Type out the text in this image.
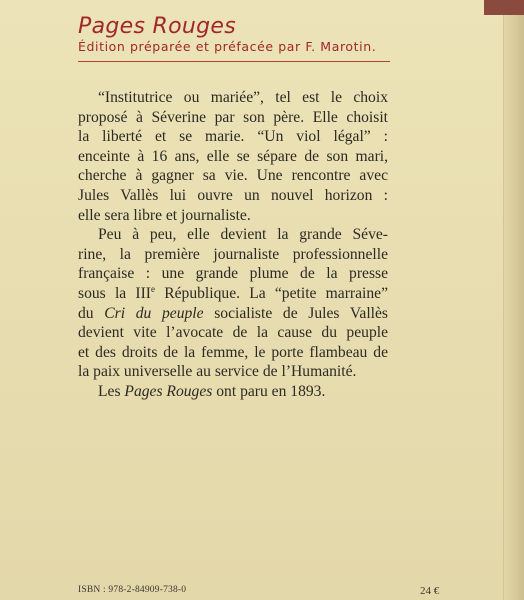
Pages Rouges
Édition préparée et préfacée par F. Marotin.
“Institutrice ou mariée”, tel est le choix
proposé à Séverine par son père. Elle choisit
la liberté et se marie. “Un viol légal” :
enceinte à 16 ans, elle se sépare de son mari,
cherche à gagner sa vie. Une rencontre avec
Jules Vallès lui ouvre un nouvel horizon :
elle sera libre et journaliste.
Peu à peu, elle devient la grande Séve-
rine, la première journaliste professionnelle
française : une grande plume de la presse
sous la IIIe République. La “petite marraine”
du Cri du peuple socialiste de Jules Vallès
devient vite l’avocate de la cause du peuple
et des droits de la femme, le porte flambeau de
la paix universelle au service de l’Humanité.
Les Pages Rouges ont paru en 1893.
ISBN : 978-2-84909-738-0	24 €
